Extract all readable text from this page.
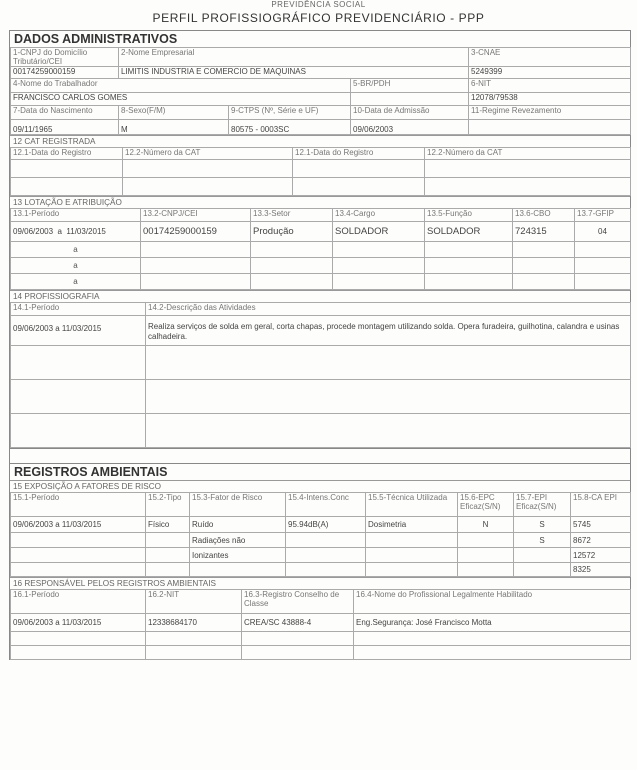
PREVIDÊNCIA SOCIAL
PERFIL PROFISSIOGRÁFICO PREVIDENCIÁRIO - PPP
DADOS ADMINISTRATIVOS
1-CNPJ do Domicílio Tributário/CEI	2-Nome Empresarial			3-CNAE
00174259000159	LIMITIS INDUSTRIA E COMERCIO DE MAQUINAS			5249399
4-Nome do Trabalhador			5-BR/PDH	6-NIT
FRANCISCO CARLOS GOMES				12078/79538
7-Data do Nascimento	8-Sexo(F/M)	9-CTPS (Nº, Série e UF)	10-Data de Admissão	11-Regime Revezamento
09/11/1965	M	80575 - 0003SC	09/06/2003	
12 CAT REGISTRADA
12.1-Data do Registro	12.2-Número da CAT	12.1-Data do Registro	12.2-Número da CAT

13 LOTAÇÃO E ATRIBUIÇÃO
13.1-Período	13.2-CNPJ/CEI	13.3-Setor	13.4-Cargo	13.5-Função	13.6-CBO	13.7-GFIP
09/06/2003 a 11/03/2015	00174259000159	Produção	SOLDADOR	SOLDADOR	724315	04
a						
a						
a						
14 PROFISSIOGRAFIA
14.1-Período	14.2-Descrição das Atividades
09/06/2003 a 11/03/2015	Realiza serviços de solda em geral, corta chapas, procede montagem utilizando solda. Opera furadeira, guilhotina, calandra e usinas calhadeira.

REGISTROS AMBIENTAIS
15 EXPOSIÇÃO A FATORES DE RISCO
15.1-Período	15.2-Tipo	15.3-Fator de Risco	15.4-Intens.Conc	15.5-Técnica Utilizada	15.6-EPC Eficaz(S/N)	15.7-EPI Eficaz(S/N)	15.8-CA EPI
09/06/2003 a 11/03/2015	Físico	Ruído	95.94dB(A)	Dosimetria	N	S	5745
		Radiações não				S	8672
		Ionizantes					12572
							8325
16 RESPONSÁVEL PELOS REGISTROS AMBIENTAIS
16.1-Período	16.2-NIT	16.3-Registro Conselho de Classe	16.4-Nome do Profissional Legalmente Habilitado
09/06/2003 a 11/03/2015	12338684170	CREA/SC 43888-4	Eng.Segurança: José Francisco Motta
